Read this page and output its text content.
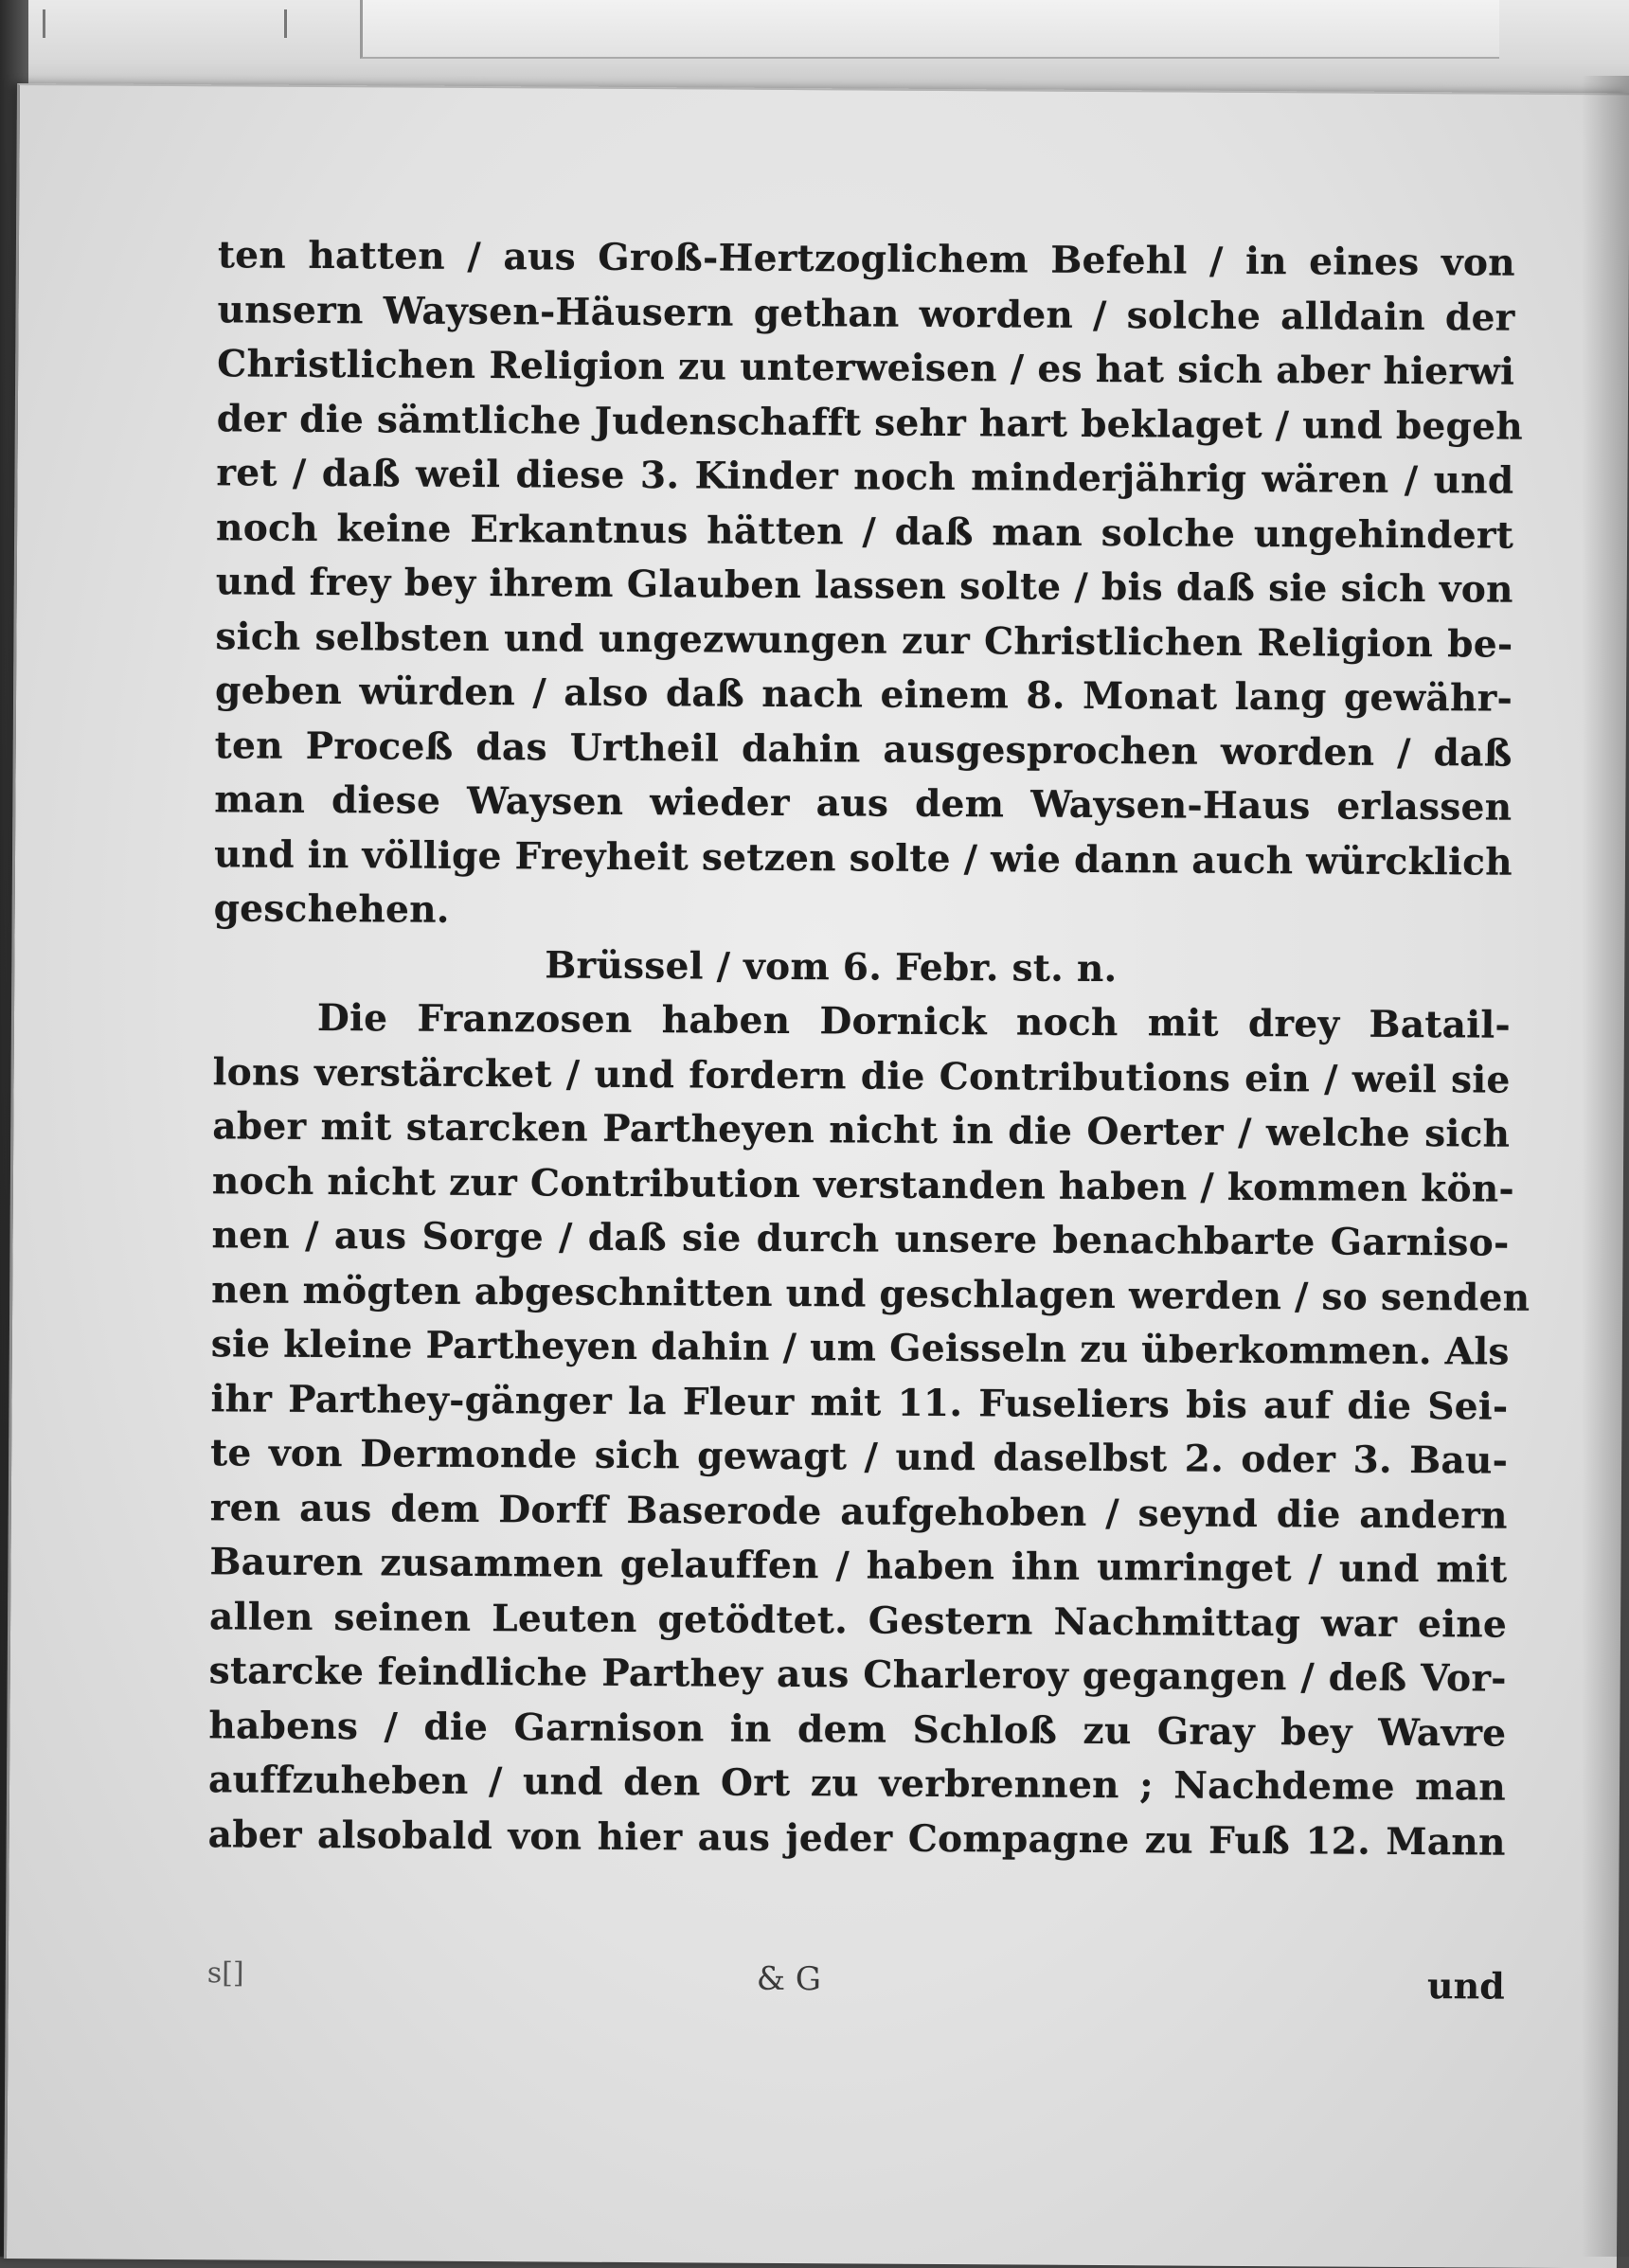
ten hatten / aus Groß-Hertzoglichem Befehl / in eines von
unsern Waysen-Häusern gethan worden / solche alldain der
Christlichen Religion zu unterweisen / es hat sich aber hierwi
der die sämtliche Judenschafft sehr hart beklaget / und begeh
ret / daß weil diese 3. Kinder noch minderjährig wären / und
noch keine Erkantnus hätten / daß man solche ungehindert
und frey bey ihrem Glauben lassen solte / bis daß sie sich von
sich selbsten und ungezwungen zur Christlichen Religion be-
geben würden / also daß nach einem 8. Monat lang gewähr-
ten Proceß das Urtheil dahin ausgesprochen worden / daß
man diese Waysen wieder aus dem Waysen-Haus erlassen
und in völlige Freyheit setzen solte / wie dann auch würcklich
geschehen.
Brüssel / vom 6. Febr. st. n.
Die Franzosen haben Dornick noch mit drey Batail-
lons verstärcket / und fordern die Contributions ein / weil sie
aber mit starcken Partheyen nicht in die Oerter / welche sich
noch nicht zur Contribution verstanden haben / kommen kön-
nen / aus Sorge / daß sie durch unsere benachbarte Garniso-
nen mögten abgeschnitten und geschlagen werden / so senden
sie kleine Partheyen dahin / um Geisseln zu überkommen. Als
ihr Parthey-gänger la Fleur mit 11. Fuseliers bis auf die Sei-
te von Dermonde sich gewagt / und daselbst 2. oder 3. Bau-
ren aus dem Dorff Baserode aufgehoben / seynd die andern
Bauren zusammen gelauffen / haben ihn umringet / und mit
allen seinen Leuten getödtet. Gestern Nachmittag war eine
starcke feindliche Parthey aus Charleroy gegangen / deß Vor-
habens / die Garnison in dem Schloß zu Gray bey Wavre
auffzuheben / und den Ort zu verbrennen ; Nachdeme man
aber alsobald von hier aus jeder Compagne zu Fuß 12. Mann
s[]	& G	und
